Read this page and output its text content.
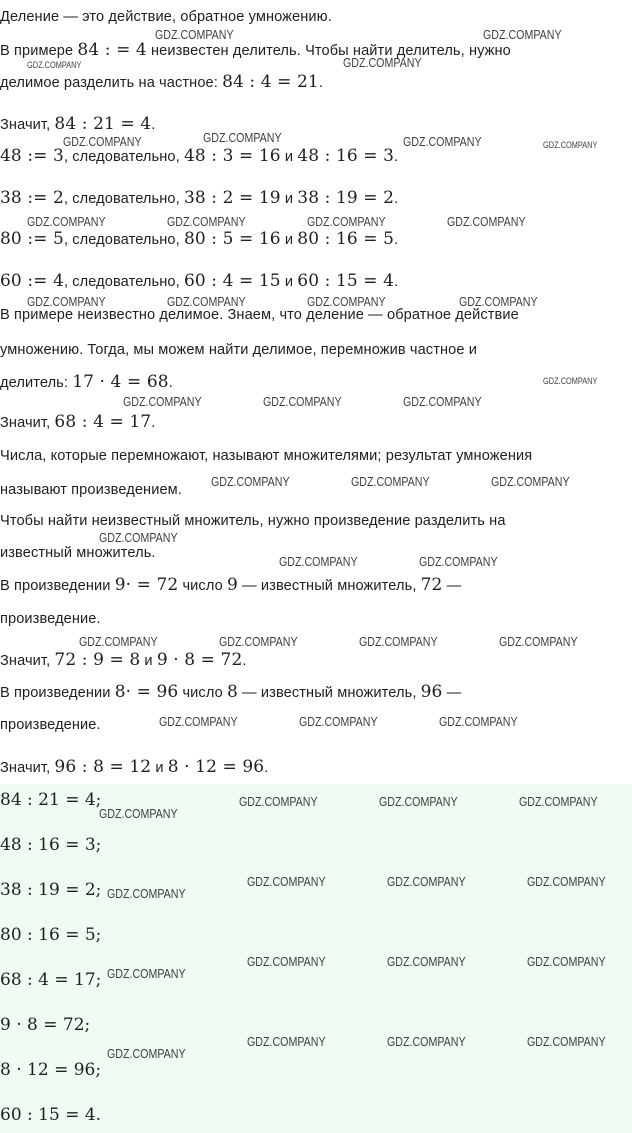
Деление — это действие, обратное умножению.
В примере 84 : = 4 неизвестен делитель. Чтобы найти делитель, нужно
делимое разделить на частное: 84 : 4 = 21.
Значит, 84 : 21 = 4.
48 := 3, следовательно, 48 : 3 = 16 и 48 : 16 = 3.
38 := 2, следовательно, 38 : 2 = 19 и 38 : 19 = 2.
80 := 5, следовательно, 80 : 5 = 16 и 80 : 16 = 5.
60 := 4, следовательно, 60 : 4 = 15 и 60 : 15 = 4.
В примере неизвестно делимое. Знаем, что деление — обратное действие
умножению. Тогда, мы можем найти делимое, перемножив частное и
делитель: 17 · 4 = 68.
Значит, 68 : 4 = 17.
Числа, которые перемножают, называют множителями; результат умножения
называют произведением.
Чтобы найти неизвестный множитель, нужно произведение разделить на
известный множитель.
В произведении 9· = 72 число 9 — известный множитель, 72 —
произведение.
Значит, 72 : 9 = 8 и 9 · 8 = 72.
В произведении 8· = 96 число 8 — известный множитель, 96 —
произведение.
Значит, 96 : 8 = 12 и 8 · 12 = 96.
84 : 21 = 4;
48 : 16 = 3;
38 : 19 = 2;
80 : 16 = 5;
68 : 4 = 17;
9 · 8 = 72;
8 · 12 = 96;
60 : 15 = 4.
GDZ.COMPANY	GDZ.COMPANY
GDZ.COMPANY
GDZ.COMPANY
GDZ.COMPANY	GDZ.COMPANY	GDZ.COMPANY	GDZ.COMPANY
GDZ.COMPANY	GDZ.COMPANY	GDZ.COMPANY	GDZ.COMPANY
GDZ.COMPANY	GDZ.COMPANY	GDZ.COMPANY	GDZ.COMPANY
GDZ.COMPANY
GDZ.COMPANY	GDZ.COMPANY	GDZ.COMPANY
GDZ.COMPANY	GDZ.COMPANY	GDZ.COMPANY
GDZ.COMPANY
GDZ.COMPANY	GDZ.COMPANY
GDZ.COMPANY	GDZ.COMPANY	GDZ.COMPANY	GDZ.COMPANY
GDZ.COMPANY	GDZ.COMPANY	GDZ.COMPANY
GDZ.COMPANY	GDZ.COMPANY	GDZ.COMPANY
GDZ.COMPANY
GDZ.COMPANY	GDZ.COMPANY	GDZ.COMPANY
GDZ.COMPANY
GDZ.COMPANY
GDZ.COMPANY	GDZ.COMPANY	GDZ.COMPANY
GDZ.COMPANY	GDZ.COMPANY	GDZ.COMPANY
GDZ.COMPANY
